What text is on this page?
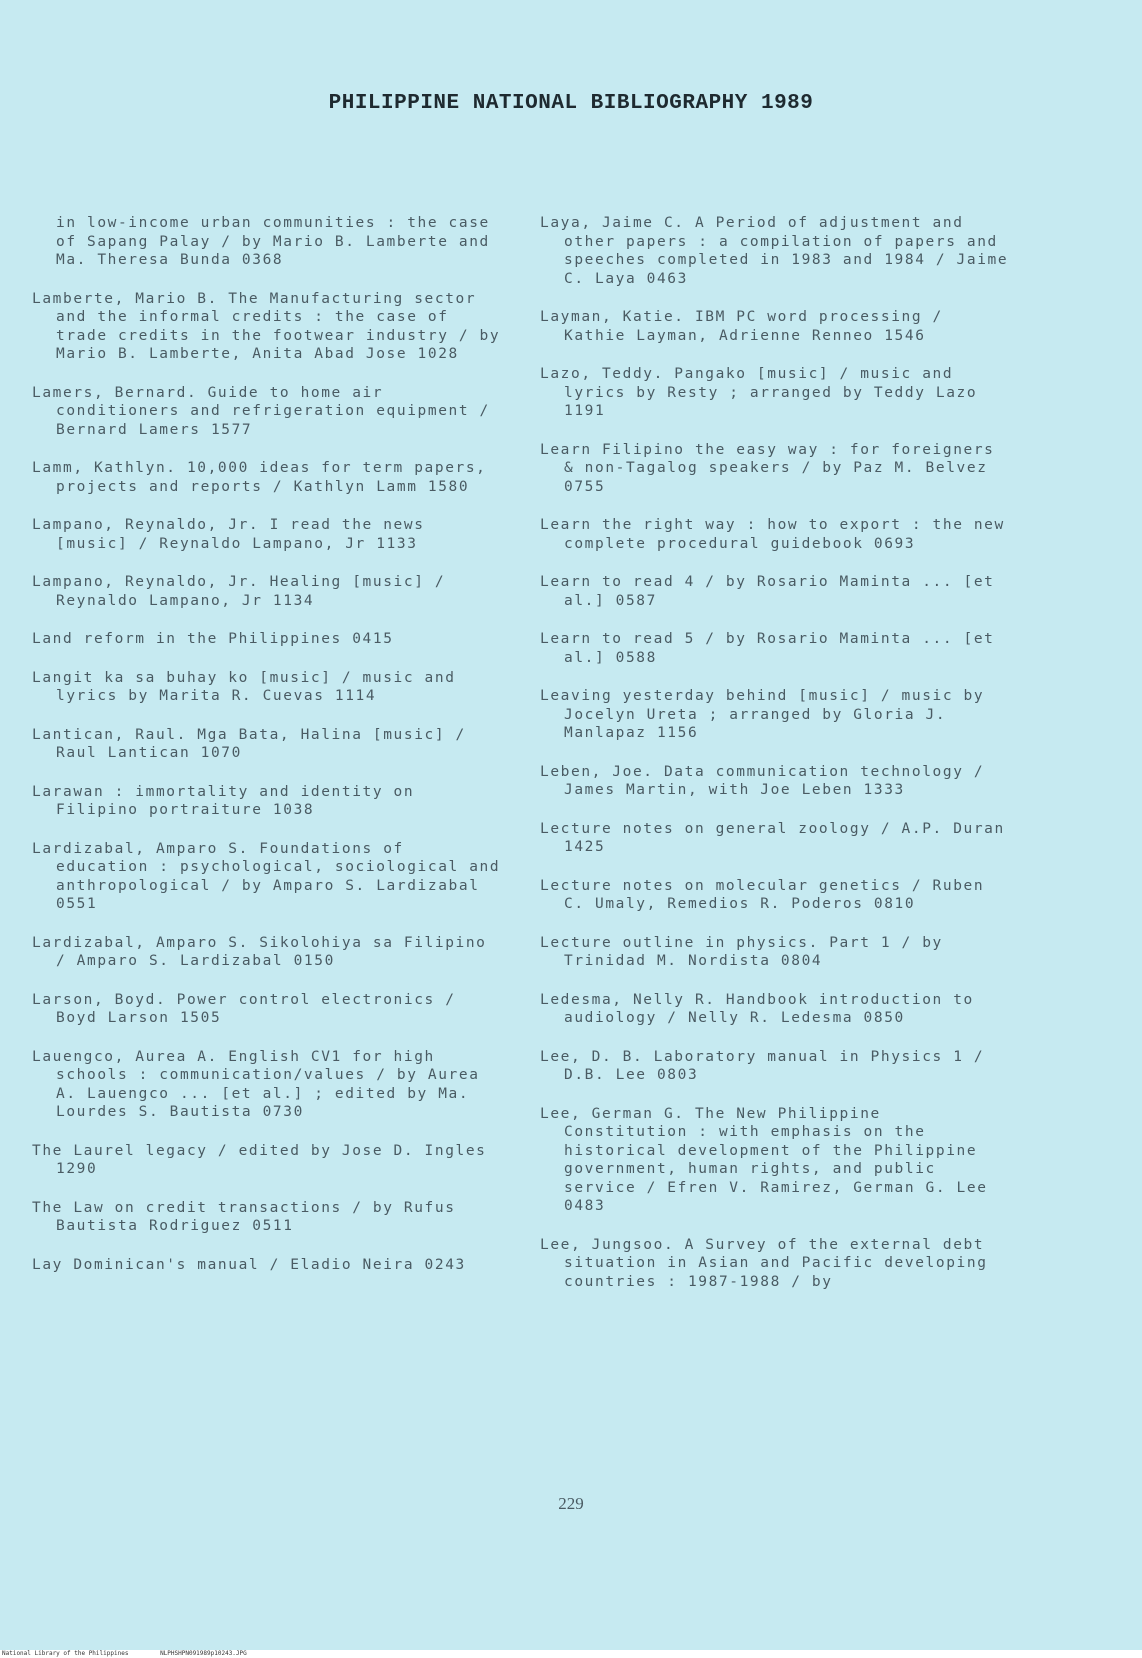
PHILIPPINE NATIONAL BIBLIOGRAPHY 1989
in low-income urban communities : the case of Sapang Palay / by Mario B. Lamberte and Ma. Theresa Bunda 0368
Lamberte, Mario B. The Manufacturing sector and the informal credits : the case of trade credits in the footwear industry / by Mario B. Lamberte, Anita Abad Jose 1028
Lamers, Bernard. Guide to home air conditioners and refrigeration equipment / Bernard Lamers 1577
Lamm, Kathlyn. 10,000 ideas for term papers, projects and reports / Kathlyn Lamm 1580
Lampano, Reynaldo, Jr. I read the news [music] / Reynaldo Lampano, Jr 1133
Lampano, Reynaldo, Jr. Healing [music] / Reynaldo Lampano, Jr 1134
Land reform in the Philippines 0415
Langit ka sa buhay ko [music] / music and lyrics by Marita R. Cuevas 1114
Lantican, Raul. Mga Bata, Halina [music] / Raul Lantican 1070
Larawan : immortality and identity on Filipino portraiture 1038
Lardizabal, Amparo S. Foundations of education : psychological, sociological and anthropological / by Amparo S. Lardizabal 0551
Lardizabal, Amparo S. Sikolohiya sa Filipino / Amparo S. Lardizabal 0150
Larson, Boyd. Power control electronics / Boyd Larson 1505
Lauengco, Aurea A. English CV1 for high schools : communication/values / by Aurea A. Lauengco ... [et al.] ; edited by Ma. Lourdes S. Bautista 0730
The Laurel legacy / edited by Jose D. Ingles 1290
The Law on credit transactions / by Rufus Bautista Rodriguez 0511
Lay Dominican's manual / Eladio Neira 0243
Laya, Jaime C. A Period of adjustment and other papers : a compilation of papers and speeches completed in 1983 and 1984 / Jaime C. Laya 0463
Layman, Katie. IBM PC word processing / Kathie Layman, Adrienne Renneo 1546
Lazo, Teddy. Pangako [music] / music and lyrics by Resty ; arranged by Teddy Lazo 1191
Learn Filipino the easy way : for foreigners & non-Tagalog speakers / by Paz M. Belvez 0755
Learn the right way : how to export : the new complete procedural guidebook 0693
Learn to read 4 / by Rosario Maminta ... [et al.] 0587
Learn to read 5 / by Rosario Maminta ... [et al.] 0588
Leaving yesterday behind [music] / music by Jocelyn Ureta ; arranged by Gloria J. Manlapaz 1156
Leben, Joe. Data communication technology / James Martin, with Joe Leben 1333
Lecture notes on general zoology / A.P. Duran 1425
Lecture notes on molecular genetics / Ruben C. Umaly, Remedios R. Poderos 0810
Lecture outline in physics. Part 1 / by Trinidad M. Nordista 0804
Ledesma, Nelly R. Handbook introduction to audiology / Nelly R. Ledesma 0850
Lee, D. B. Laboratory manual in Physics 1 / D.B. Lee 0803
Lee, German G. The New Philippine Constitution : with emphasis on the historical development of the Philippine government, human rights, and public service / Efren V. Ramirez, German G. Lee 0483
Lee, Jungsoo. A Survey of the external debt situation in Asian and Pacific developing countries : 1987-1988 / by
229
National Library of the Philippines	NLPHSHPN091989p10243.JPG
